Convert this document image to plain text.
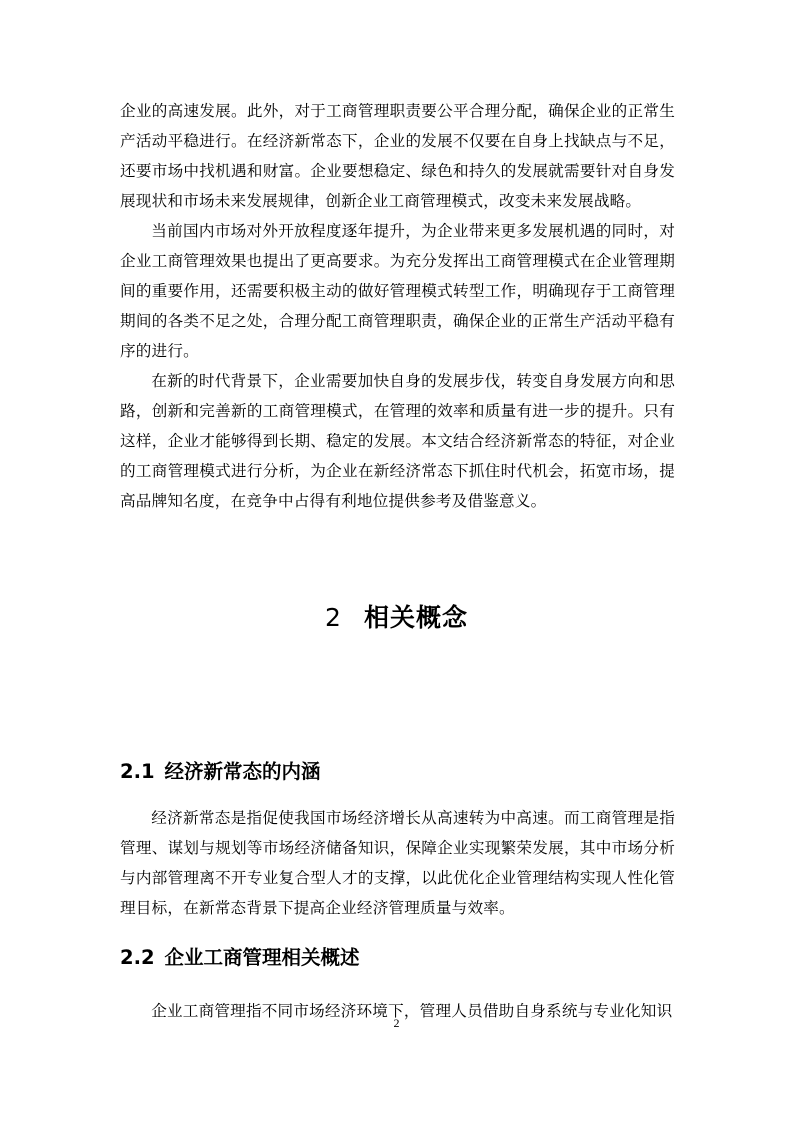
企业的高速发展。此外，对于工商管理职责要公平合理分配，确保企业的正常生产活动平稳进行。在经济新常态下，企业的发展不仅要在自身上找缺点与不足，还要市场中找机遇和财富。企业要想稳定、绿色和持久的发展就需要针对自身发展现状和市场未来发展规律，创新企业工商管理模式，改变未来发展战略。

当前国内市场对外开放程度逐年提升，为企业带来更多发展机遇的同时，对企业工商管理效果也提出了更高要求。为充分发挥出工商管理模式在企业管理期间的重要作用，还需要积极主动的做好管理模式转型工作，明确现存于工商管理期间的各类不足之处，合理分配工商管理职责，确保企业的正常生产活动平稳有序的进行。

在新的时代背景下，企业需要加快自身的发展步伐，转变自身发展方向和思路，创新和完善新的工商管理模式，在管理的效率和质量有进一步的提升。只有这样，企业才能够得到长期、稳定的发展。本文结合经济新常态的特征，对企业的工商管理模式进行分析，为企业在新经济常态下抓住时代机会，拓宽市场，提高品牌知名度，在竞争中占得有利地位提供参考及借鉴意义。

2 相关概念
2.1 经济新常态的内涵

经济新常态是指促使我国市场经济增长从高速转为中高速。而工商管理是指管理、谋划与规划等市场经济储备知识，保障企业实现繁荣发展，其中市场分析与内部管理离不开专业复合型人才的支撑，以此优化企业管理结构实现人性化管理目标，在新常态背景下提高企业经济管理质量与效率。

2.2 企业工商管理相关概述

企业工商管理指不同市场经济环境下，管理人员借助自身系统与专业化知识

2
